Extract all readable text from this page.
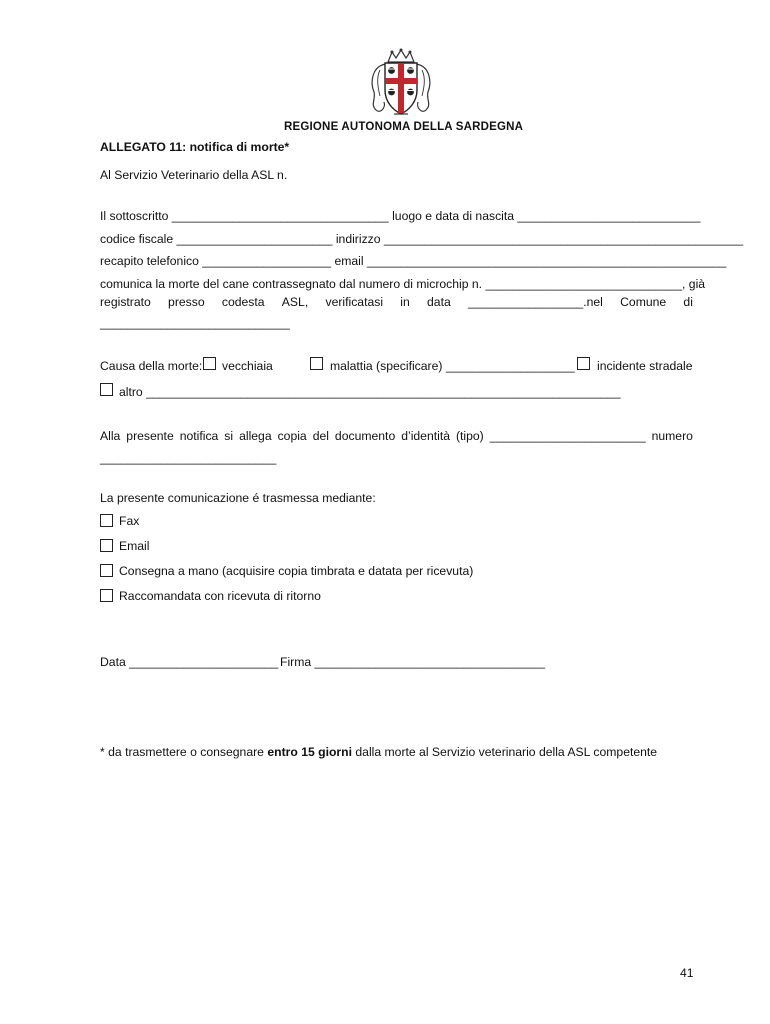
REGIONE AUTONOMA DELLA SARDEGNA
ALLEGATO 11: notifica di morte*
Al Servizio Veterinario della ASL n.
Il sottoscritto ________________________________ luogo e data di nascita ___________________________
codice fiscale _______________________ indirizzo _____________________________________________________
recapito telefonico ___________________ email _____________________________________________________
comunica la morte del cane contrassegnato dal numero di microchip n. _____________________________, già
registrato presso codesta ASL, verificatasi in data _________________.nel Comune di
____________________________
Causa della morte: vecchiaia	malattia (specificare) ___________________ incidente stradale
altro ______________________________________________________________________
Alla presente notifica si allega copia del documento d’identità (tipo) _______________________ numero
__________________________
La presente comunicazione é trasmessa mediante:
Fax
Email
Consegna a mano (acquisire copia timbrata e datata per ricevuta)
Raccomandata con ricevuta di ritorno
Data ______________________ Firma __________________________________
* da trasmettere o consegnare entro 15 giorni dalla morte al Servizio veterinario della ASL competente
41
